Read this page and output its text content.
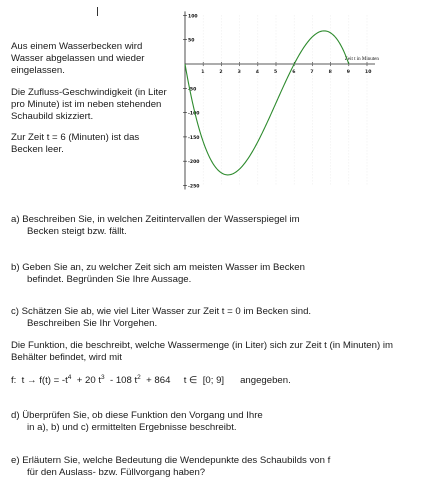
Aus einem Wasserbecken wird Wasser abgelassen und wieder eingelassen.

Die Zufluss-Geschwindigkeit (in Liter pro Minute) ist im neben stehenden Schaubild skizziert.

Zur Zeit t = 6 (Minuten) ist das Becken leer.

100
50
-50
-100
-150
-200
-250
1	2	3	4	5	6	7	8	9	10
Zeit t in Minuten
a) Beschreiben Sie, in welchen Zeitintervallen der Wasserspiegel im
Becken steigt bzw. fällt.
b) Geben Sie an, zu welcher Zeit sich am meisten Wasser im Becken
befindet. Begründen Sie Ihre Aussage.
c) Schätzen Sie ab, wie viel Liter Wasser zur Zeit t = 0 im Becken sind.
Beschreiben Sie Ihr Vorgehen.
Die Funktion, die beschreibt, welche Wassermenge (in Liter) sich zur Zeit t (in Minuten) im Behälter befindet, wird mit
f:  $t \to f(t) = -t^4 + 20$ $t^3 - 108$ $t^2 + 864$     t ∈  [0; 9]      angegeben.
d) Überprüfen Sie, ob diese Funktion den Vorgang und Ihre
in a), b) und c) ermittelten Ergebnisse beschreibt.
e) Erläutern Sie, welche Bedeutung die Wendepunkte des Schaubilds von f
für den Auslass- bzw. Füllvorgang haben?
